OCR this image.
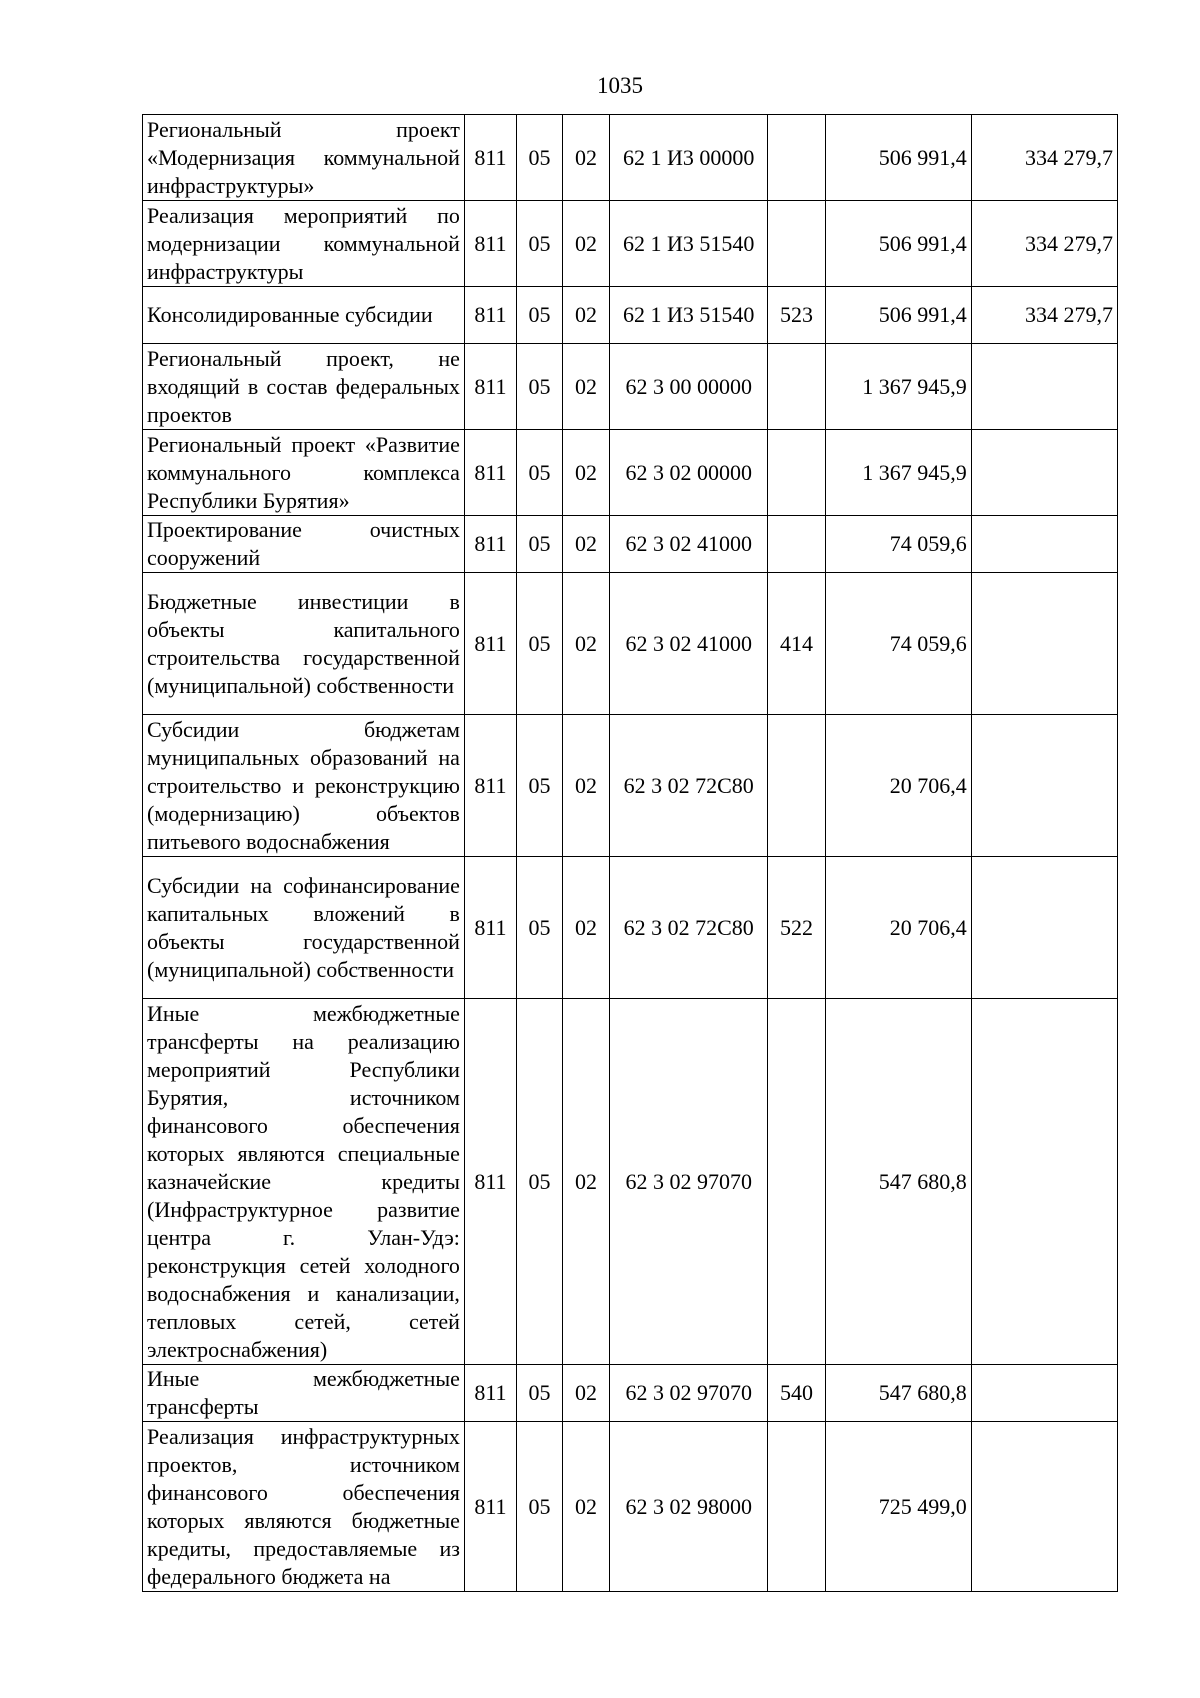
1035
Региональный проект «Модернизация коммунальной инфраструктуры»	811	05	02	62 1 И3 00000		506 991,4	334 279,7
Реализация мероприятий по модернизации коммунальной инфраструктуры	811	05	02	62 1 И3 51540		506 991,4	334 279,7
Консолидированные субсидии	811	05	02	62 1 И3 51540	523	506 991,4	334 279,7
Региональный проект, не входящий в состав федеральных проектов	811	05	02	62 3 00 00000		1 367 945,9	
Региональный проект «Развитие коммунального комплекса Республики Бурятия»	811	05	02	62 3 02 00000		1 367 945,9	
Проектирование очистных сооружений	811	05	02	62 3 02 41000		74 059,6	
Бюджетные инвестиции в объекты капитального строительства государственной (муниципальной) собственности	811	05	02	62 3 02 41000	414	74 059,6	
Субсидии бюджетам муниципальных образований на строительство и реконструкцию (модернизацию) объектов питьевого водоснабжения	811	05	02	62 3 02 72С80		20 706,4	
Субсидии на софинансирование капитальных вложений в объекты государственной (муниципальной) собственности	811	05	02	62 3 02 72С80	522	20 706,4	
Иные межбюджетные трансферты на реализацию мероприятий Республики Бурятия, источником финансового обеспечения которых являются специальные казначейские кредиты (Инфраструктурное развитие центра г. Улан-Удэ: реконструкция сетей холодного водоснабжения и канализации, тепловых сетей, сетей электроснабжения)	811	05	02	62 3 02 97070		547 680,8	
Иные межбюджетные трансферты	811	05	02	62 3 02 97070	540	547 680,8	
Реализация инфраструктурных проектов, источником финансового обеспечения которых являются бюджетные кредиты, предоставляемые из федерального бюджета на	811	05	02	62 3 02 98000		725 499,0	
